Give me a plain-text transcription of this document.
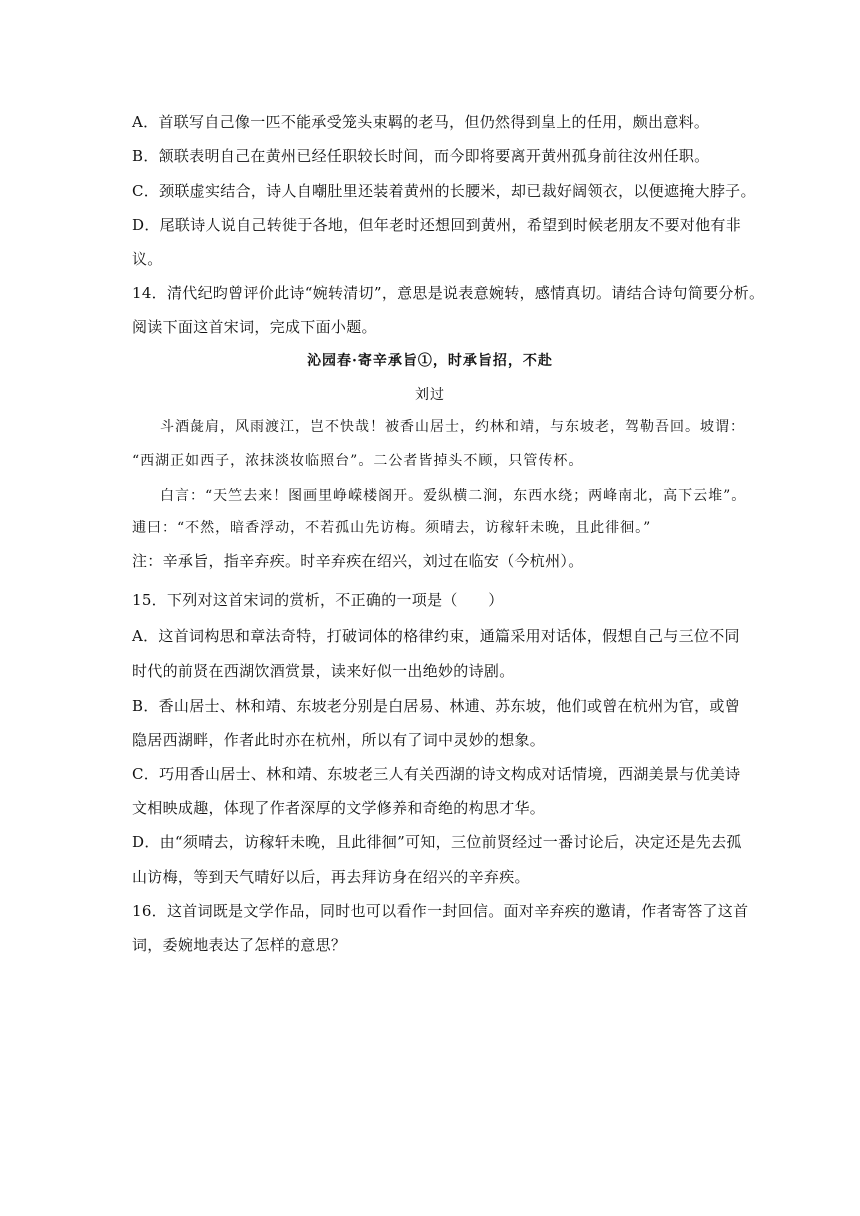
A．首联写自己像一匹不能承受笼头束羁的老马，但仍然得到皇上的任用，颇出意料。
B．颔联表明自己在黄州已经任职较长时间，而今即将要离开黄州孤身前往汝州任职。
C．颈联虚实结合，诗人自嘲肚里还装着黄州的长腰米，却已裁好阔领衣，以便遮掩大脖子。
D．尾联诗人说自己转徙于各地，但年老时还想回到黄州，希望到时候老朋友不要对他有非
议。
14．清代纪昀曾评价此诗“婉转清切”，意思是说表意婉转，感情真切。请结合诗句简要分析。
阅读下面这首宋词，完成下面小题。
沁园春·寄辛承旨①，时承旨招，不赴
刘过
斗酒彘肩，风雨渡江，岂不快哉！被香山居士，约林和靖，与东坡老，驾勒吾回。坡谓：
“西湖正如西子，浓抹淡妆临照台”。二公者皆掉头不顾，只管传杯。
白言：“天竺去来！图画里峥嵘楼阁开。爱纵横二涧，东西水绕；两峰南北，高下云堆”。
逋曰：“不然，暗香浮动，不若孤山先访梅。须晴去，访稼轩未晚，且此徘徊。”
注：辛承旨，指辛弃疾。时辛弃疾在绍兴，刘过在临安（今杭州）。
15．下列对这首宋词的赏析，不正确的一项是（　　）
A．这首词构思和章法奇特，打破词体的格律约束，通篇采用对话体，假想自己与三位不同
时代的前贤在西湖饮酒赏景，读来好似一出绝妙的诗剧。
B．香山居士、林和靖、东坡老分别是白居易、林逋、苏东坡，他们或曾在杭州为官，或曾
隐居西湖畔，作者此时亦在杭州，所以有了词中灵妙的想象。
C．巧用香山居士、林和靖、东坡老三人有关西湖的诗文构成对话情境，西湖美景与优美诗
文相映成趣，体现了作者深厚的文学修养和奇绝的构思才华。
D．由“须晴去，访稼轩未晚，且此徘徊”可知，三位前贤经过一番讨论后，决定还是先去孤
山访梅，等到天气晴好以后，再去拜访身在绍兴的辛弃疾。
16．这首词既是文学作品，同时也可以看作一封回信。面对辛弃疾的邀请，作者寄答了这首
词，委婉地表达了怎样的意思？
